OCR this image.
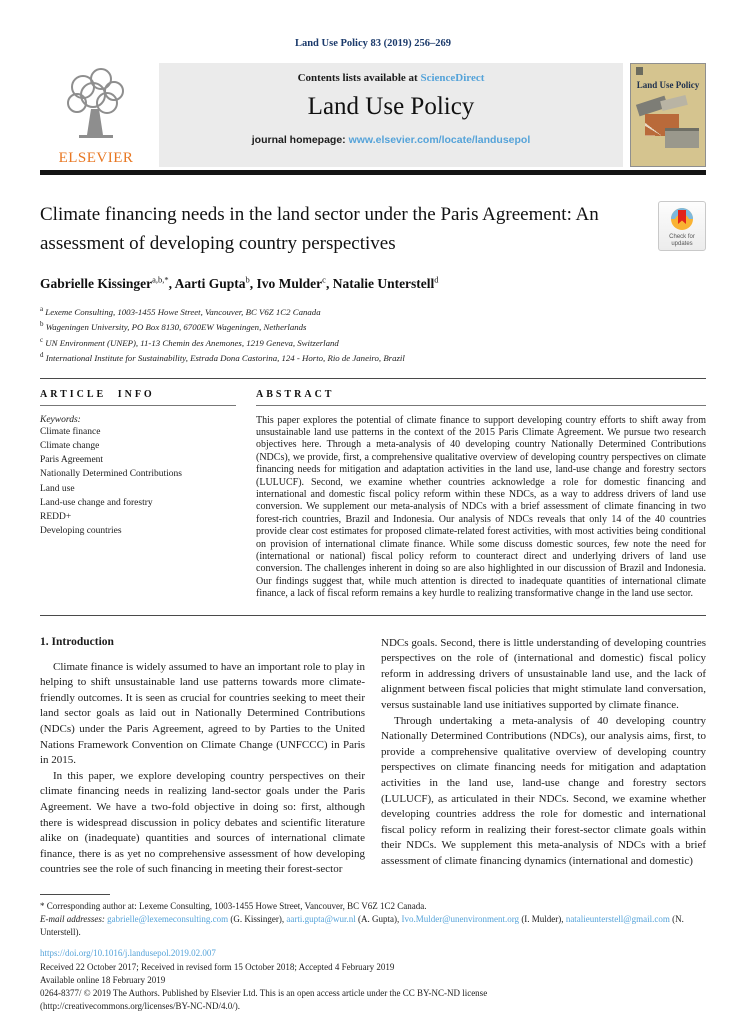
Land Use Policy 83 (2019) 256–269
ELSEVIER
Contents lists available at ScienceDirect
Land Use Policy
journal homepage: www.elsevier.com/locate/landusepol
Land Use Policy
Climate financing needs in the land sector under the Paris Agreement: An assessment of developing country perspectives	Check for
updates
Gabrielle Kissinger$^{a,b,*}$, Aarti Gupta$^b$, Ivo Mulder$^c$, Natalie Unterstell$^d$
$^a$ Lexeme Consulting, 1003-1455 Howe Street, Vancouver, BC V6Z 1C2 Canada
$^b$ Wageningen University, PO Box 8130, 6700EW Wageningen, Netherlands
$^c$ UN Environment (UNEP), 11-13 Chemin des Anemones, 1219 Geneva, Switzerland
$^d$ International Institute for Sustainability, Estrada Dona Castorina, 124 - Horto, Rio de Janeiro, Brazil
ARTICLE INFO
Keywords:
Climate finance
Climate change
Paris Agreement
Nationally Determined Contributions
Land use
Land-use change and forestry
REDD+
Developing countries
ABSTRACT
This paper explores the potential of climate finance to support developing country efforts to shift away from unsustainable land use patterns in the context of the 2015 Paris Climate Agreement. We pursue two research objectives here. Through a meta-analysis of 40 developing country Nationally Determined Contributions (NDCs), we provide, first, a comprehensive qualitative overview of developing country perspectives on climate financing needs for mitigation and adaptation activities in the land use, land-use change and forestry sectors (LULUCF). Second, we examine whether countries acknowledge a role for domestic financing and international and domestic fiscal policy reform within these NDCs, as a way to address drivers of land use conversion. We supplement our meta-analysis of NDCs with a brief assessment of climate financing in two forest-rich countries, Brazil and Indonesia. Our analysis of NDCs reveals that only 14 of the 40 countries provide clear cost estimates for proposed climate-related forest activities, with most activities being conditional on provision of international climate finance. While some discuss domestic sources, few note the need for (international or national) fiscal policy reform to counteract direct and underlying drivers of land use conversion. The challenges inherent in doing so are also highlighted in our discussion of Brazil and Indonesia. Our findings suggest that, while much attention is directed to inadequate quantities of international climate finance, a lack of fiscal reform remains a key hurdle to realizing transformative change in the land use sector.
1. Introduction

Climate finance is widely assumed to have an important role to play in helping to shift unsustainable land use patterns towards more climate-friendly outcomes. It is seen as crucial for countries seeking to meet their land sector goals as laid out in Nationally Determined Contributions (NDCs) under the Paris Agreement, agreed to by Parties to the United Nations Framework Convention on Climate Change (UNFCCC) in Paris in 2015.

In this paper, we explore developing country perspectives on their climate financing needs in realizing land-sector goals under the Paris Agreement. We have a two-fold objective in doing so: first, although there is widespread discussion in policy debates and scientific literature alike on (inadequate) quantities and sources of international climate finance, there is as yet no comprehensive assessment of how developing countries see the role of such financing in meeting their forest-sector

NDCs goals. Second, there is little understanding of developing countries perspectives on the role of (international and domestic) fiscal policy reform in addressing drivers of unsustainable land use, and the lack of alignment between fiscal policies that might stimulate land conversation, versus sustainable land use initiatives supported by climate finance.

Through undertaking a meta-analysis of 40 developing country Nationally Determined Contributions (NDCs), our analysis aims, first, to provide a comprehensive qualitative overview of developing country perspectives on climate financing needs for mitigation and adaptation activities in the land use, land-use change and forestry sectors (LULUCF), as articulated in their NDCs. Second, we examine whether developing countries address the role for domestic and international fiscal policy reform in realizing their forest-sector climate goals within their NDCs. We supplement this meta-analysis of NDCs with a brief assessment of climate financing dynamics (international and domestic)

* Corresponding author at: Lexeme Consulting, 1003-1455 Howe Street, Vancouver, BC V6Z 1C2 Canada.
E-mail addresses: gabrielle@lexemeconsulting.com (G. Kissinger), aarti.gupta@wur.nl (A. Gupta), Ivo.Mulder@unenvironment.org (I. Mulder), natalieunterstell@gmail.com (N. Unterstell).
https://doi.org/10.1016/j.landusepol.2019.02.007
Received 22 October 2017; Received in revised form 15 October 2018; Accepted 4 February 2019
Available online 18 February 2019
0264-8377/ © 2019 The Authors. Published by Elsevier Ltd. This is an open access article under the CC BY-NC-ND license
(http://creativecommons.org/licenses/BY-NC-ND/4.0/).
